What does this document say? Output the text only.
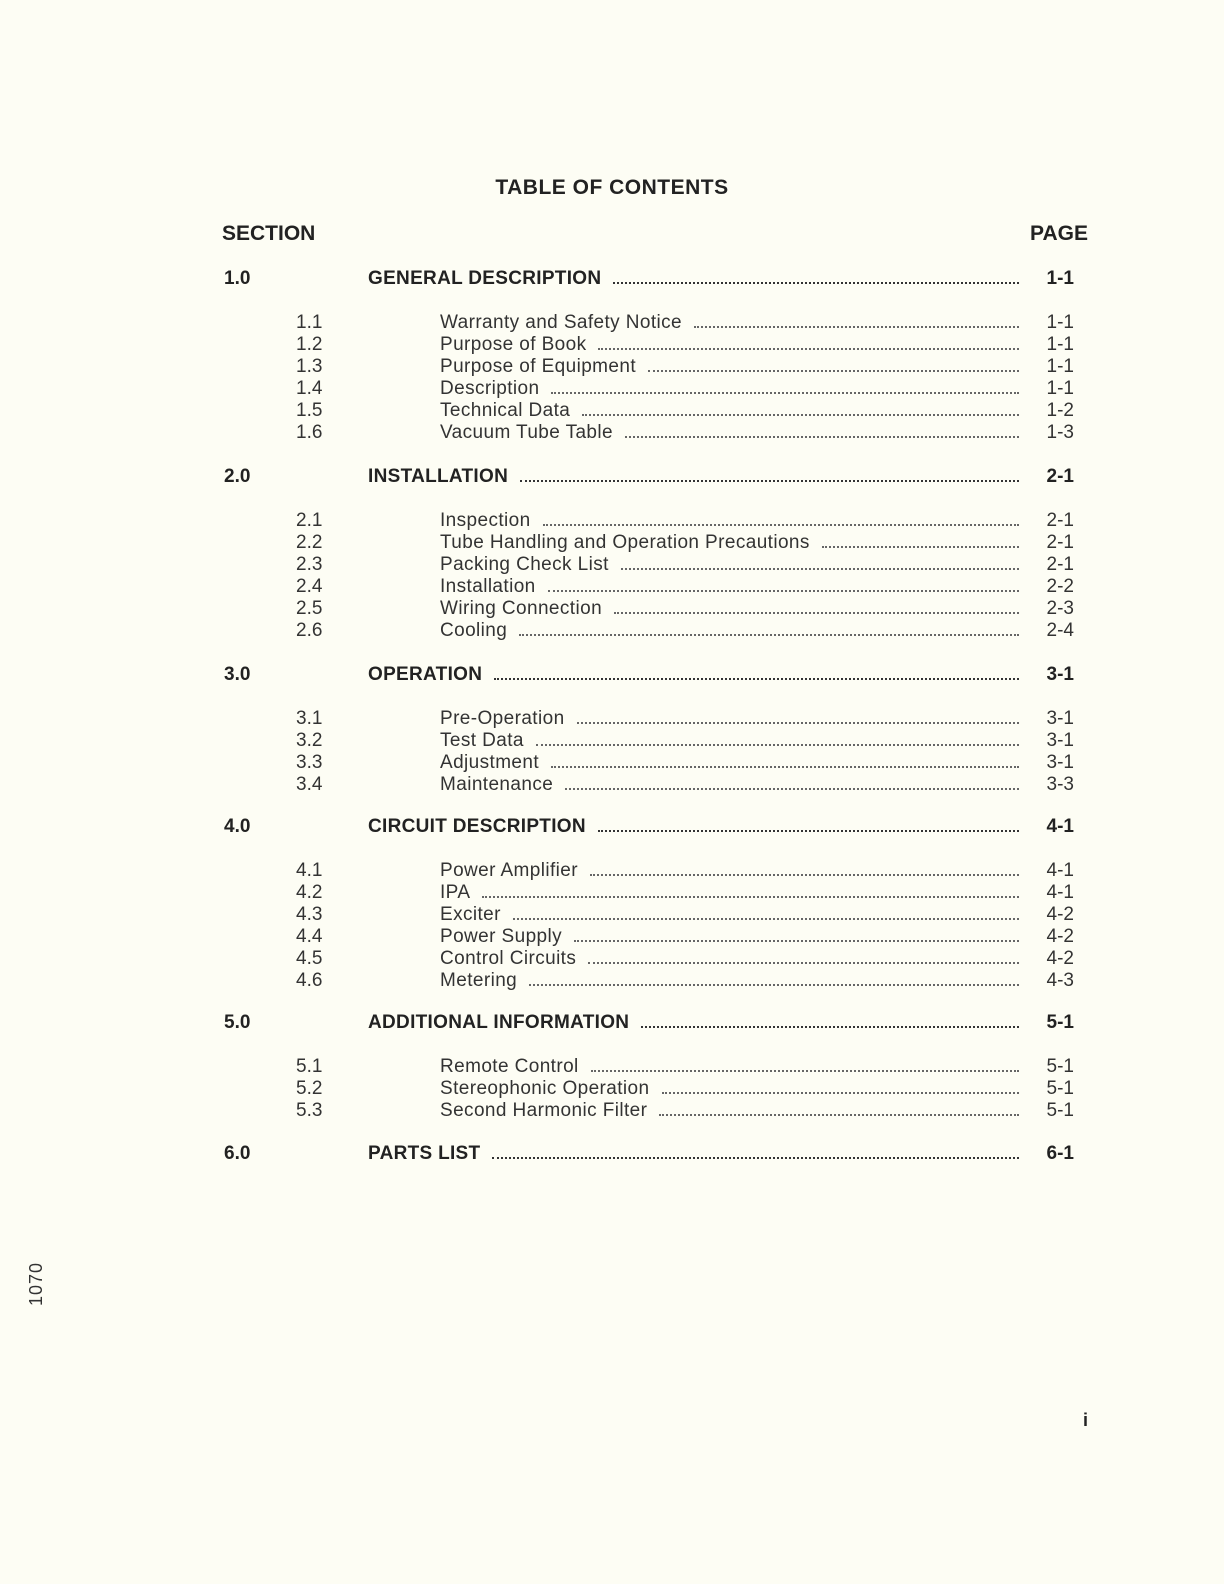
TABLE OF CONTENTS
SECTION	PAGE
1.0	GENERAL DESCRIPTION	1-1
1.1	Warranty and Safety Notice	1-1
1.2	Purpose of Book	1-1
1.3	Purpose of Equipment	1-1
1.4	Description	1-1
1.5	Technical Data	1-2
1.6	Vacuum Tube Table	1-3
2.0	INSTALLATION	2-1
2.1	Inspection	2-1
2.2	Tube Handling and Operation Precautions	2-1
2.3	Packing Check List	2-1
2.4	Installation	2-2
2.5	Wiring Connection	2-3
2.6	Cooling	2-4
3.0	OPERATION	3-1
3.1	Pre-Operation	3-1
3.2	Test Data	3-1
3.3	Adjustment	3-1
3.4	Maintenance	3-3
4.0	CIRCUIT DESCRIPTION	4-1
4.1	Power Amplifier	4-1
4.2	IPA	4-1
4.3	Exciter	4-2
4.4	Power Supply	4-2
4.5	Control Circuits	4-2
4.6	Metering	4-3
5.0	ADDITIONAL INFORMATION	5-1
5.1	Remote Control	5-1
5.2	Stereophonic Operation	5-1
5.3	Second Harmonic Filter	5-1
6.0	PARTS LIST	6-1
1070
i
